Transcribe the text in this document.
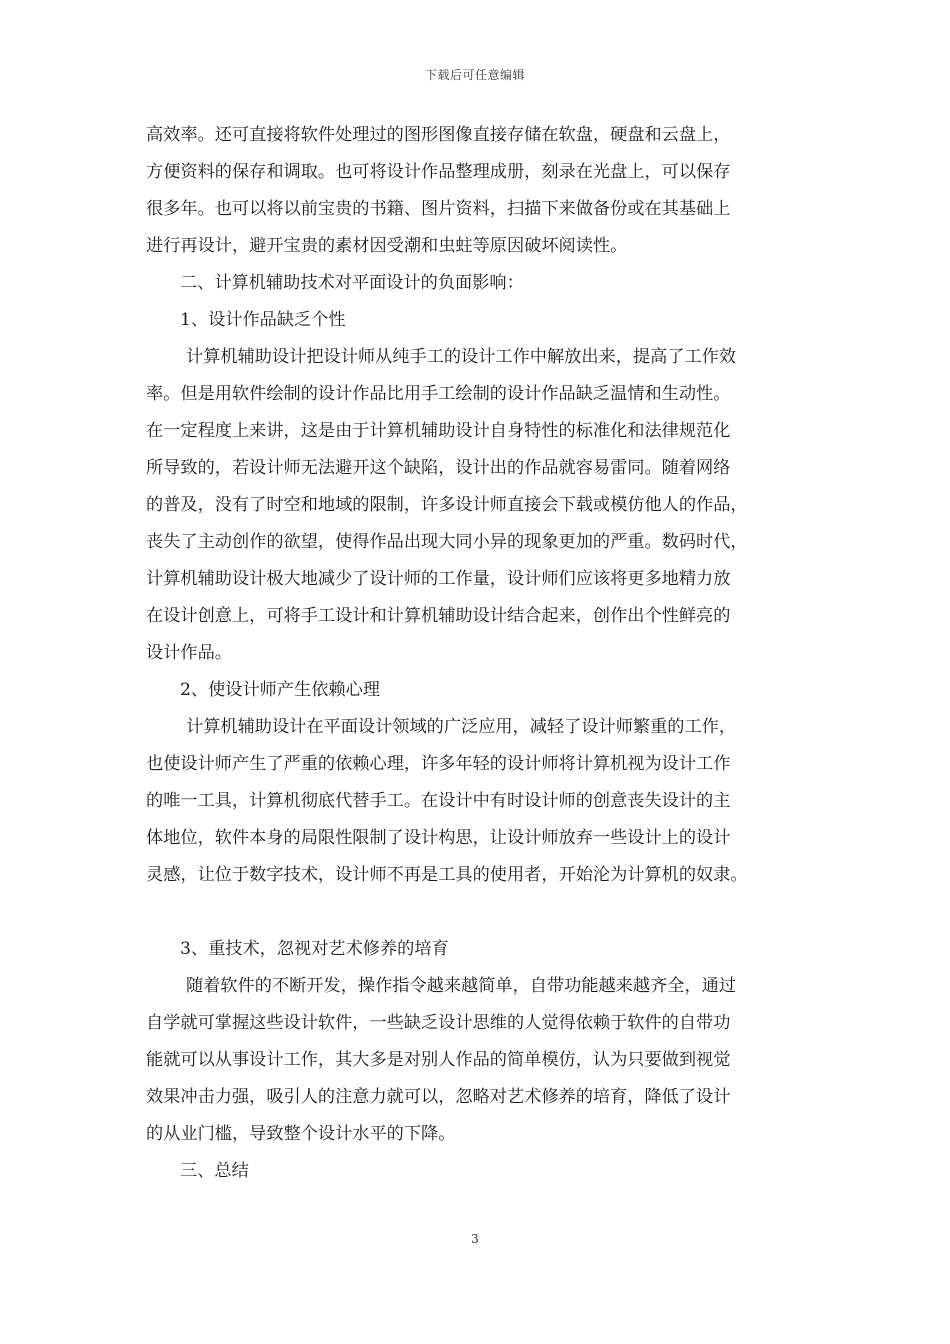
下载后可任意编辑
高效率。还可直接将软件处理过的图形图像直接存储在软盘，硬盘和云盘上，
方便资料的保存和调取。也可将设计作品整理成册，刻录在光盘上，可以保存
很多年。也可以将以前宝贵的书籍、图片资料，扫描下来做备份或在其基础上
进行再设计，避开宝贵的素材因受潮和虫蛀等原因破坏阅读性。
二、计算机辅助技术对平面设计的负面影响：
1、设计作品缺乏个性
计算机辅助设计把设计师从纯手工的设计工作中解放出来，提高了工作效
率。但是用软件绘制的设计作品比用手工绘制的设计作品缺乏温情和生动性。
在一定程度上来讲，这是由于计算机辅助设计自身特性的标准化和法律规范化
所导致的，若设计师无法避开这个缺陷，设计出的作品就容易雷同。随着网络
的普及，没有了时空和地域的限制，许多设计师直接会下载或模仿他人的作品，
丧失了主动创作的欲望，使得作品出现大同小异的现象更加的严重。数码时代，
计算机辅助设计极大地减少了设计师的工作量，设计师们应该将更多地精力放
在设计创意上，可将手工设计和计算机辅助设计结合起来，创作出个性鲜亮的
设计作品。
2、使设计师产生依赖心理
计算机辅助设计在平面设计领域的广泛应用，减轻了设计师繁重的工作，
也使设计师产生了严重的依赖心理，许多年轻的设计师将计算机视为设计工作
的唯一工具，计算机彻底代替手工。在设计中有时设计师的创意丧失设计的主
体地位，软件本身的局限性限制了设计构思，让设计师放弃一些设计上的设计
灵感，让位于数字技术，设计师不再是工具的使用者，开始沦为计算机的奴隶。
3、重技术，忽视对艺术修养的培育
随着软件的不断开发，操作指令越来越简单，自带功能越来越齐全，通过
自学就可掌握这些设计软件，一些缺乏设计思维的人觉得依赖于软件的自带功
能就可以从事设计工作，其大多是对别人作品的简单模仿，认为只要做到视觉
效果冲击力强，吸引人的注意力就可以，忽略对艺术修养的培育，降低了设计
的从业门槛，导致整个设计水平的下降。
三、总结
3
